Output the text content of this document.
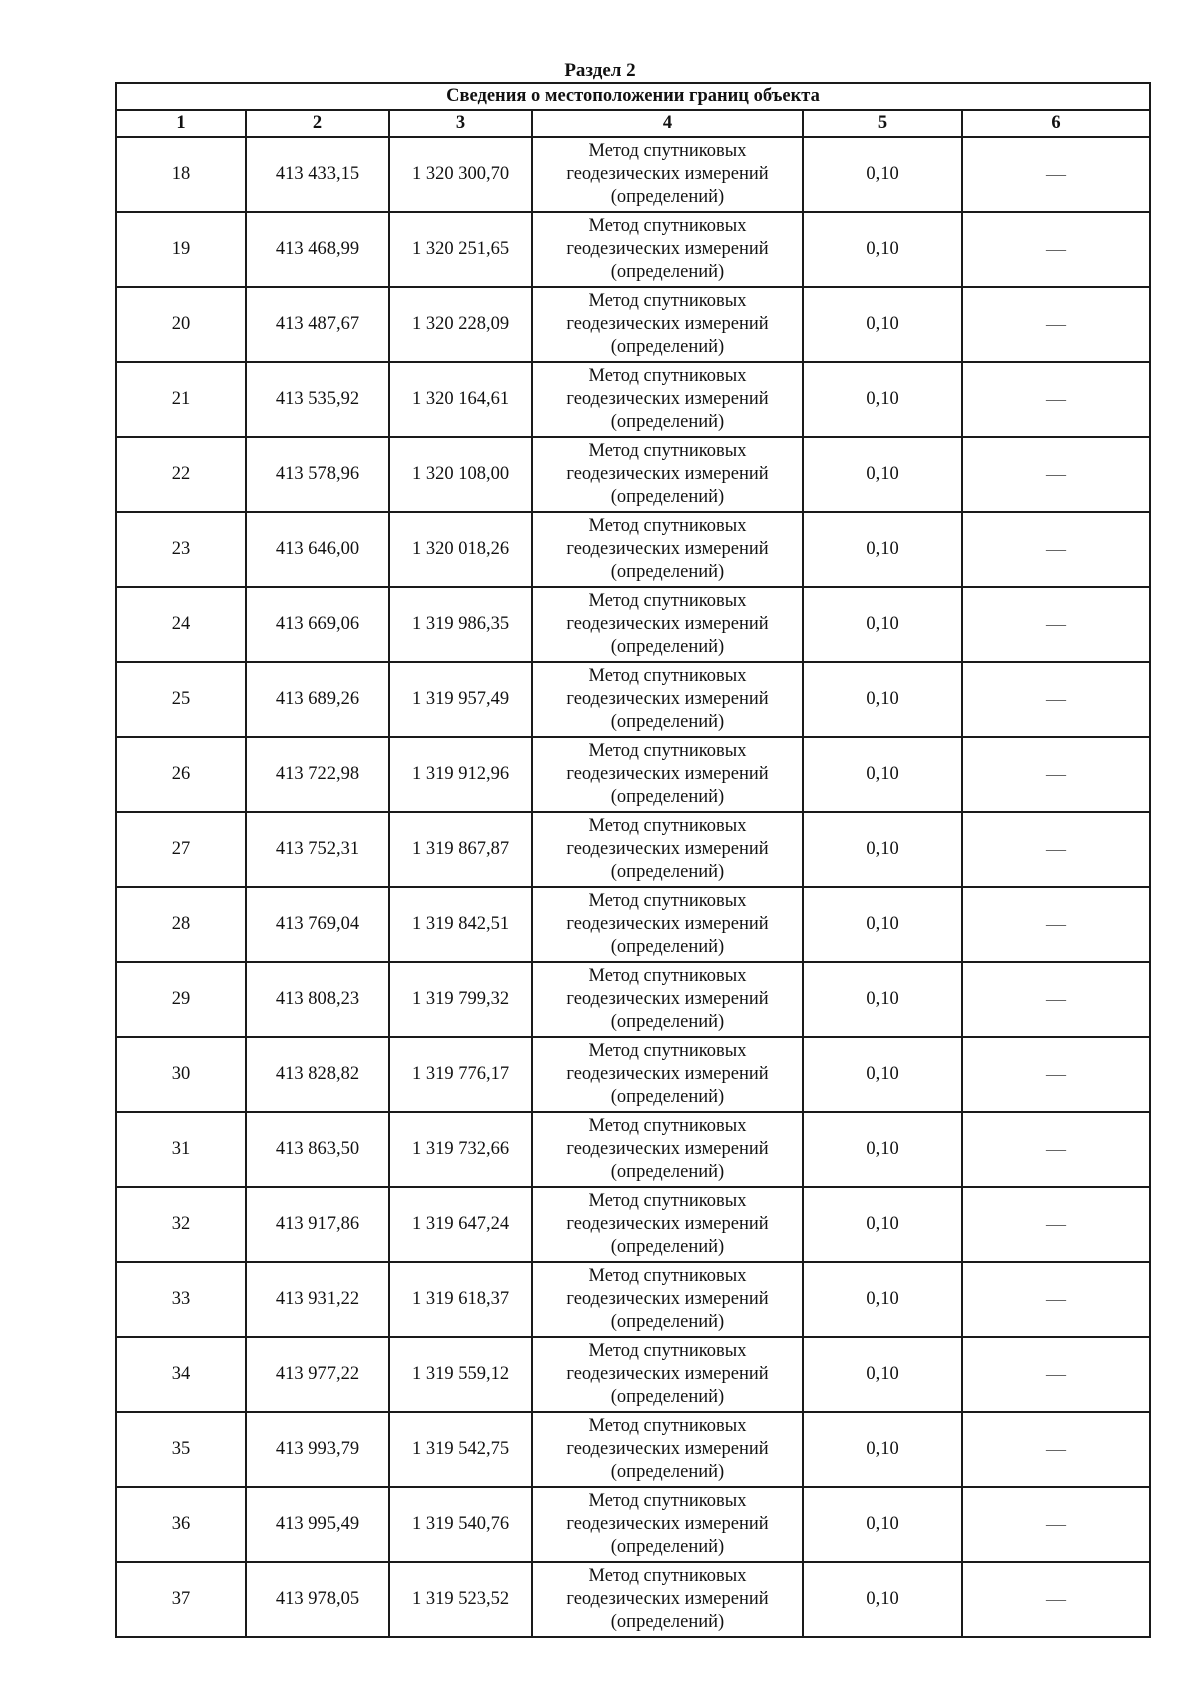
Раздел 2
Сведения о местоположении границ объекта					
1	2	3	4	5	6
18	413 433,15	1 320 300,70	Метод спутниковых
геодезических измерений
(определений)	0,10	—
19	413 468,99	1 320 251,65	Метод спутниковых
геодезических измерений
(определений)	0,10	—
20	413 487,67	1 320 228,09	Метод спутниковых
геодезических измерений
(определений)	0,10	—
21	413 535,92	1 320 164,61	Метод спутниковых
геодезических измерений
(определений)	0,10	—
22	413 578,96	1 320 108,00	Метод спутниковых
геодезических измерений
(определений)	0,10	—
23	413 646,00	1 320 018,26	Метод спутниковых
геодезических измерений
(определений)	0,10	—
24	413 669,06	1 319 986,35	Метод спутниковых
геодезических измерений
(определений)	0,10	—
25	413 689,26	1 319 957,49	Метод спутниковых
геодезических измерений
(определений)	0,10	—
26	413 722,98	1 319 912,96	Метод спутниковых
геодезических измерений
(определений)	0,10	—
27	413 752,31	1 319 867,87	Метод спутниковых
геодезических измерений
(определений)	0,10	—
28	413 769,04	1 319 842,51	Метод спутниковых
геодезических измерений
(определений)	0,10	—
29	413 808,23	1 319 799,32	Метод спутниковых
геодезических измерений
(определений)	0,10	—
30	413 828,82	1 319 776,17	Метод спутниковых
геодезических измерений
(определений)	0,10	—
31	413 863,50	1 319 732,66	Метод спутниковых
геодезических измерений
(определений)	0,10	—
32	413 917,86	1 319 647,24	Метод спутниковых
геодезических измерений
(определений)	0,10	—
33	413 931,22	1 319 618,37	Метод спутниковых
геодезических измерений
(определений)	0,10	—
34	413 977,22	1 319 559,12	Метод спутниковых
геодезических измерений
(определений)	0,10	—
35	413 993,79	1 319 542,75	Метод спутниковых
геодезических измерений
(определений)	0,10	—
36	413 995,49	1 319 540,76	Метод спутниковых
геодезических измерений
(определений)	0,10	—
37	413 978,05	1 319 523,52	Метод спутниковых
геодезических измерений
(определений)	0,10	—
